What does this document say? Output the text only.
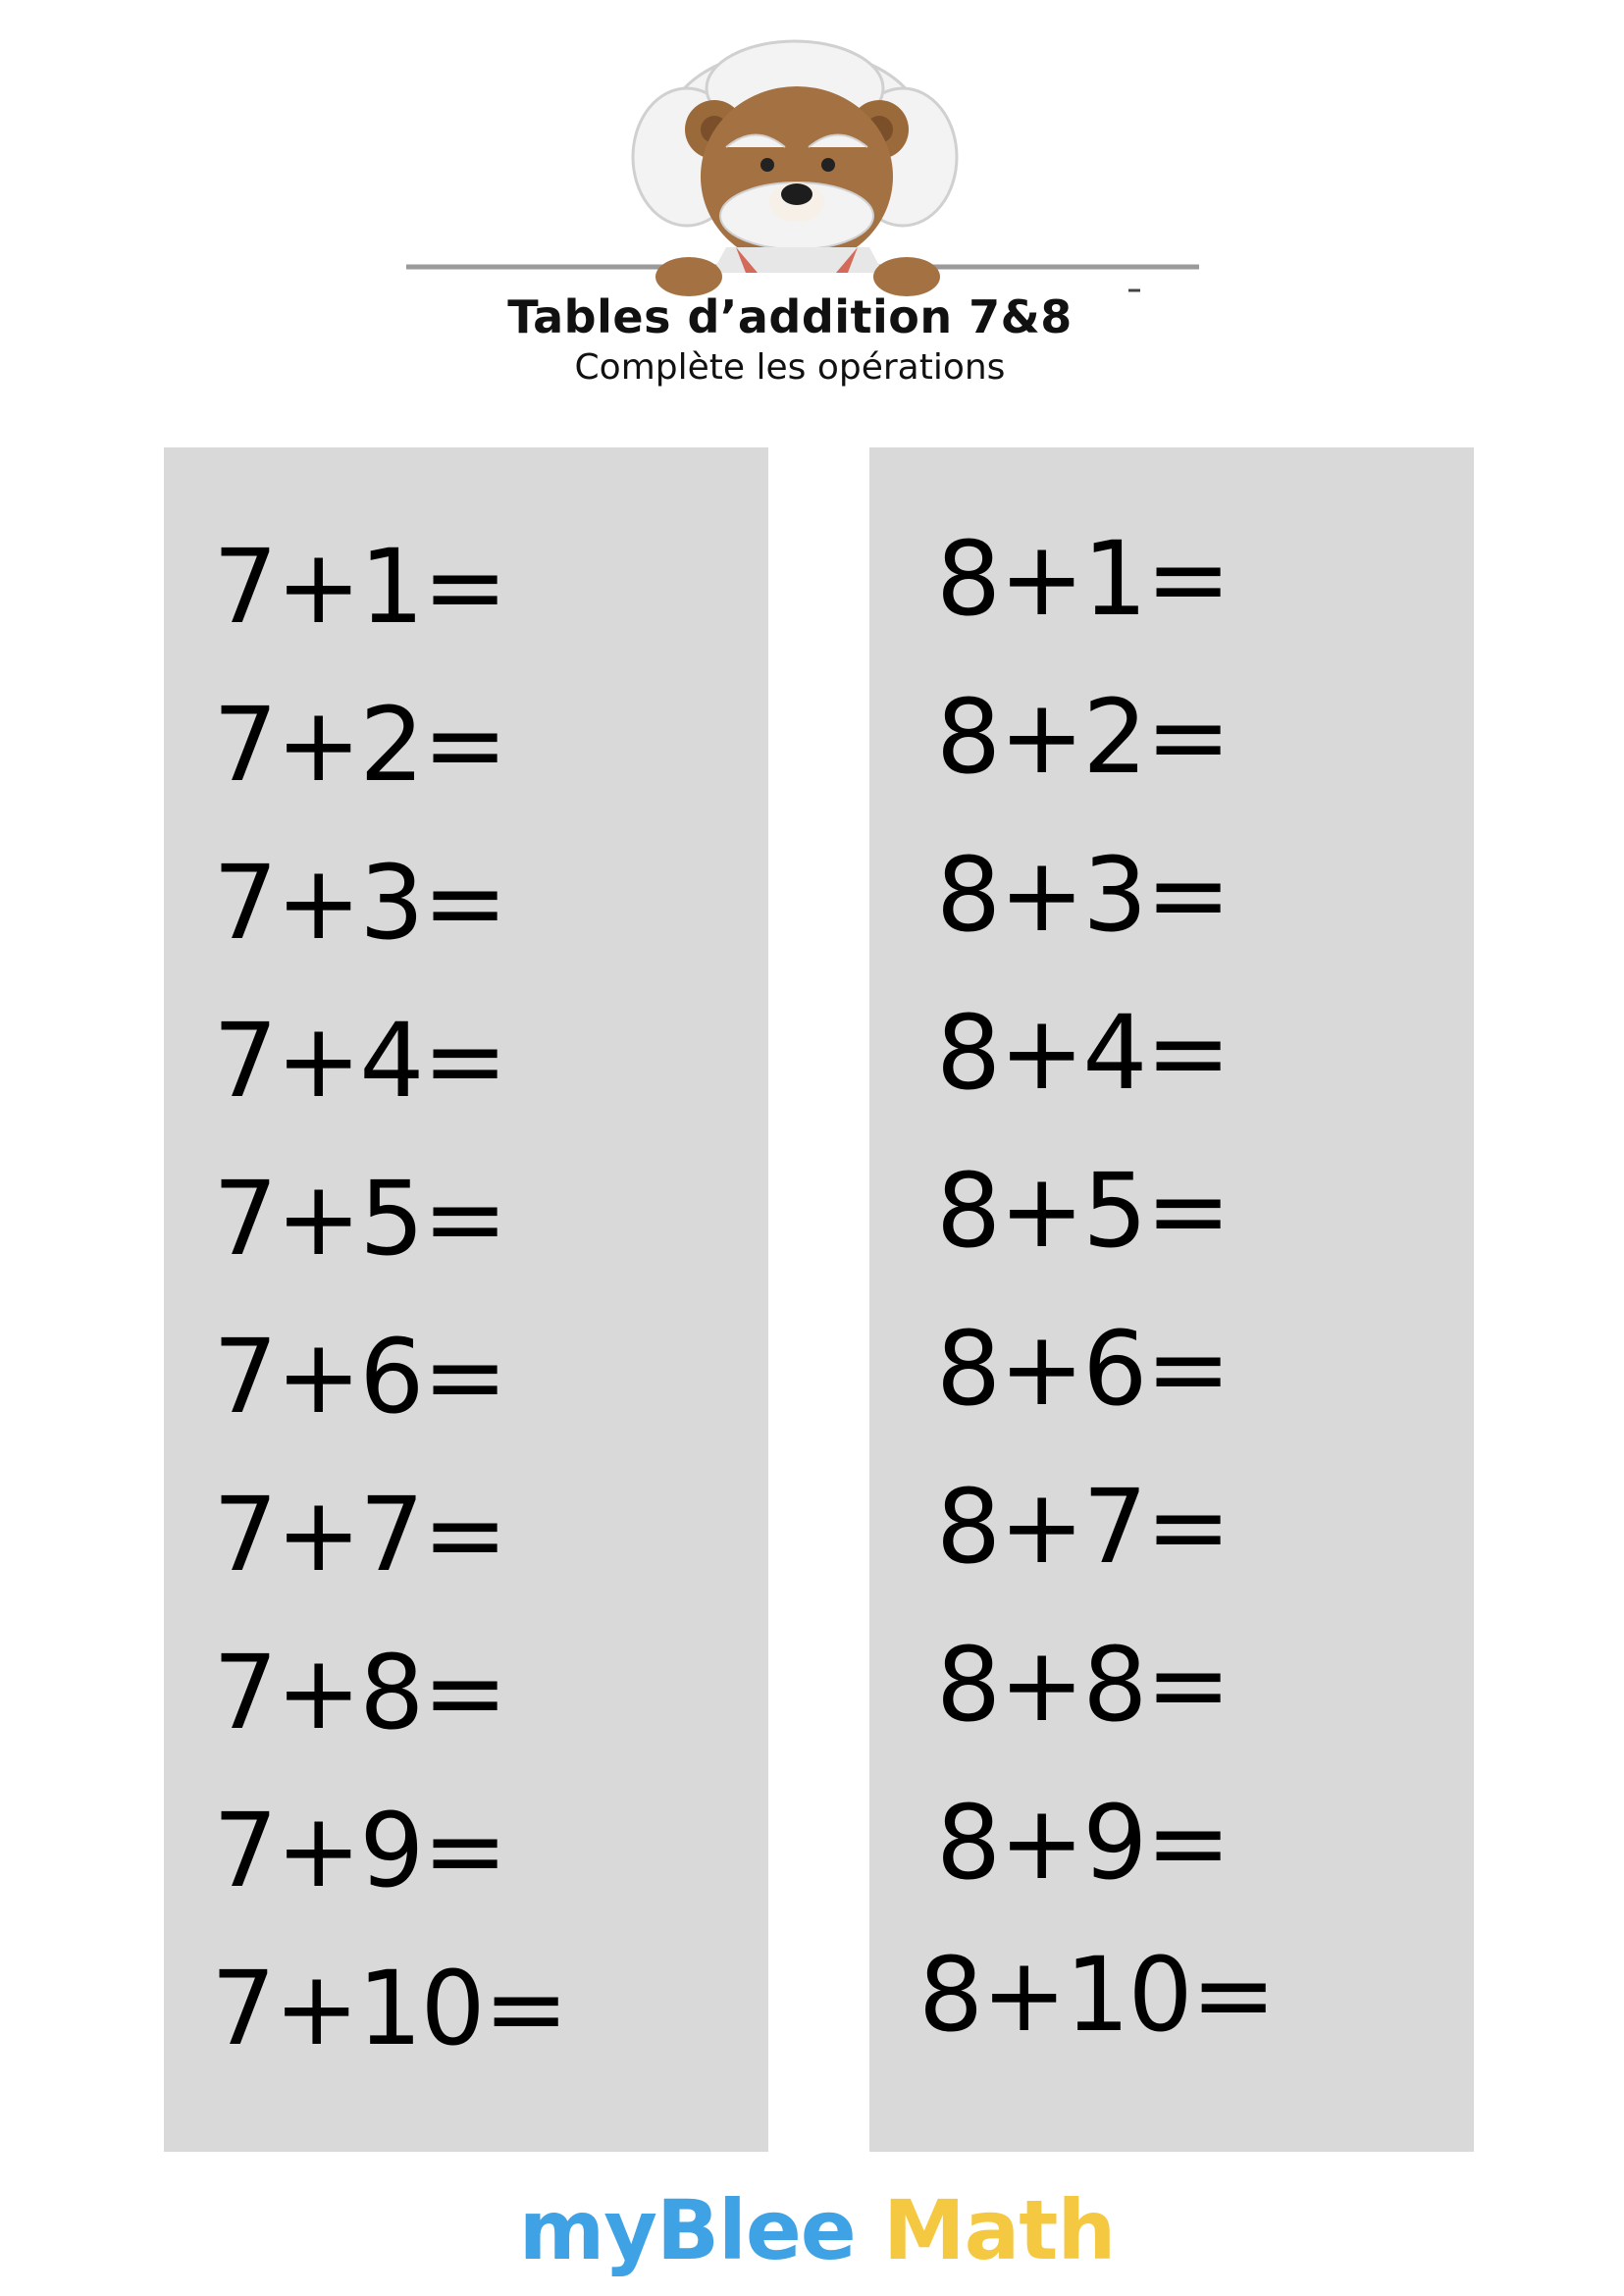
Tables d’addition 7&8
Complète les opérations
7+1=
7+2=
7+3=
7+4=
7+5=
7+6=
7+7=
7+8=
7+9=
7+10=
8+1=
8+2=
8+3=
8+4=
8+5=
8+6=
8+7=
8+8=
8+9=
8+10=
myBlee Math
